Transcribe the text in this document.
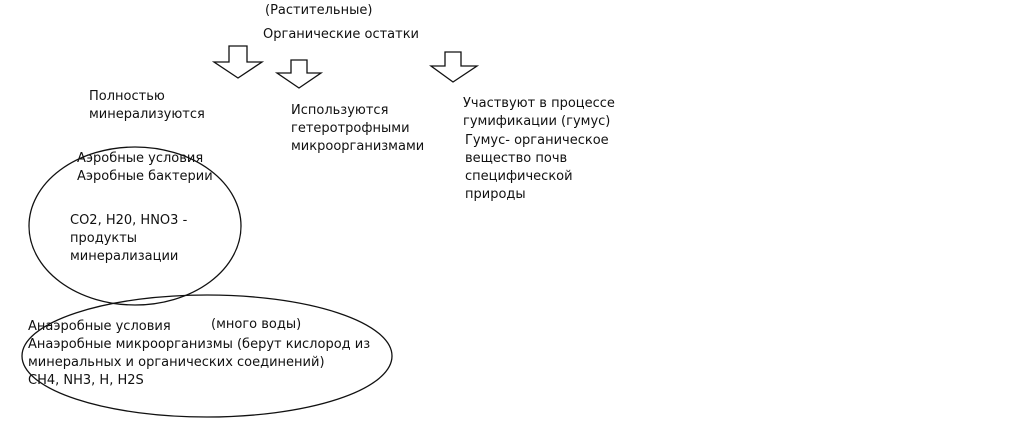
(Растительные)

Органические остатки

Полностью
минерализуются	Используются
гетеротрофными
микроорганизмами
Участвуют в процессе
гумификации (гумус)
Гумус- органическое
вещество почв
специфической
природы
Аэробные условия
Аэробные бактерии
CO2, H20, HNO3 -
продукты
минерализации

(много воды)

Анаэробные условия
Анаэробные микроорганизмы (берут кислород из
минеральных и органических соединений)
CH4, NH3, H, H2S
